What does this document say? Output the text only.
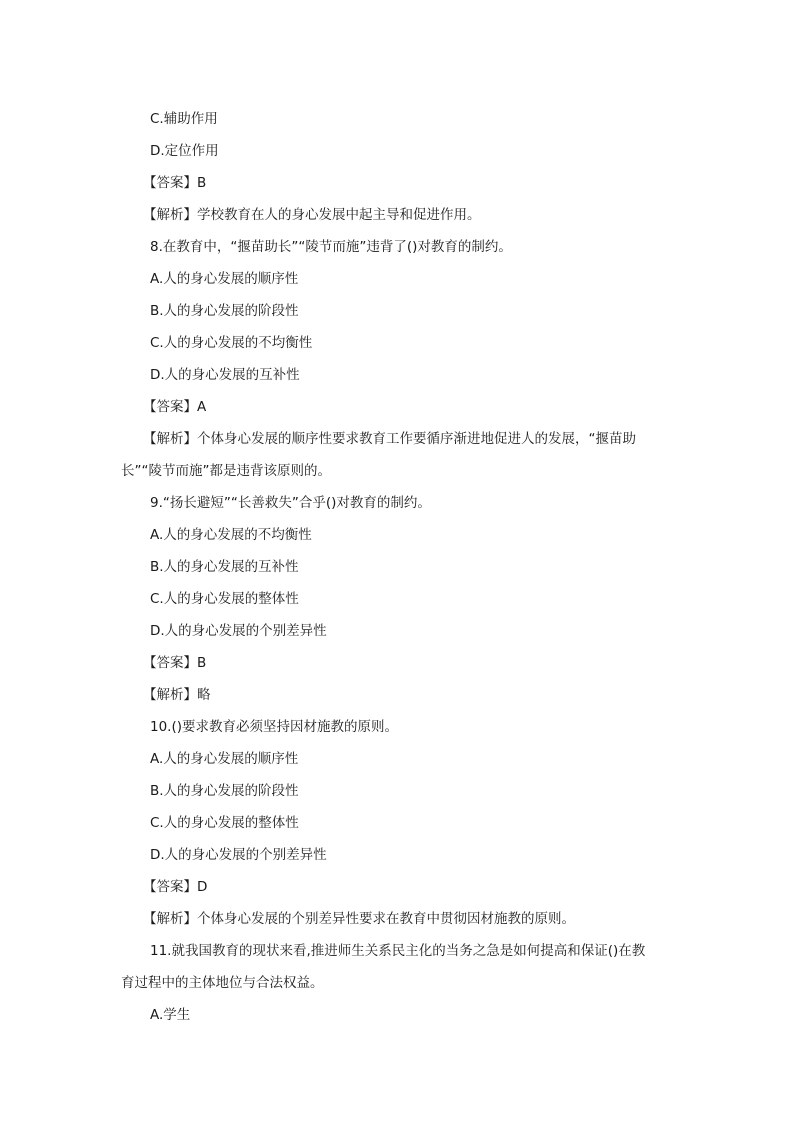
C.辅助作用
D.定位作用
【答案】B
【解析】学校教育在人的身心发展中起主导和促进作用。
8.在教育中，“揠苗助长”“陵节而施”违背了()对教育的制约。
A.人的身心发展的顺序性
B.人的身心发展的阶段性
C.人的身心发展的不均衡性
D.人的身心发展的互补性
【答案】A
【解析】个体身心发展的顺序性要求教育工作要循序渐进地促进人的发展，“揠苗助
长”“陵节而施”都是违背该原则的。
9.“扬长避短”“长善救失”合乎()对教育的制约。
A.人的身心发展的不均衡性
B.人的身心发展的互补性
C.人的身心发展的整体性
D.人的身心发展的个别差异性
【答案】B
【解析】略
10.()要求教育必须坚持因材施教的原则。
A.人的身心发展的顺序性
B.人的身心发展的阶段性
C.人的身心发展的整体性
D.人的身心发展的个别差异性
【答案】D
【解析】个体身心发展的个别差异性要求在教育中贯彻因材施教的原则。
11.就我国教育的现状来看,推进师生关系民主化的当务之急是如何提高和保证()在教
育过程中的主体地位与合法权益。
A.学生
